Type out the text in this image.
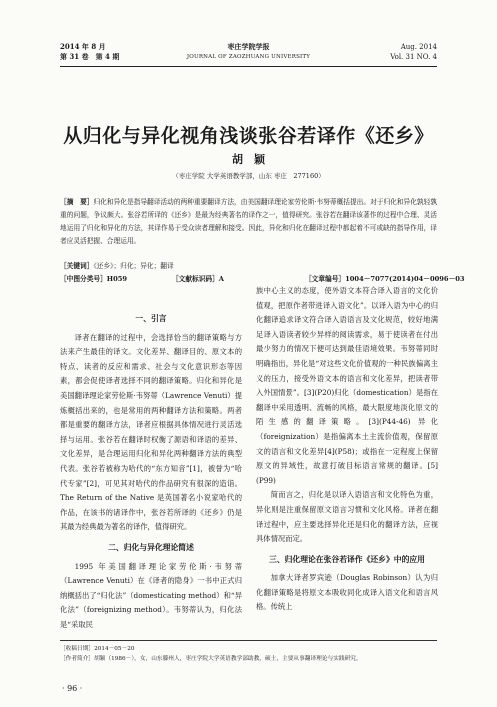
2014 年 8 月
第 31 卷　第 4 期
枣庄学院学报
JOURNAL OF ZAOZHUANG UNIVERSITY
Aug. 2014
Vol. 31 NO. 4
从归化与异化视角浅谈张谷若译作《还乡》
胡　颖
（枣庄学院 大学英语教学部，山东 枣庄　277160）
［摘　要］归化和异化是指导翻译活动的两种重要翻译方法，由美国翻译理论家劳伦斯·韦努蒂概括提出。对于归化和异化孰轻孰重的问题，争议颇大。张谷若所译的《还乡》是最为经典著名的译作之一，值得研究。张谷若在翻译该著作的过程中合理、灵活地运用了归化和异化的方法，其译作易于受众读者理解和接受。因此，异化和归化在翻译过程中都起着不可或缺的指导作用，译者应灵活把握、合理运用。
［关键词］《还乡》；归化；异化；翻译
［中图分类号］H059	［文献标识码］A	［文章编号］1004－7077(2014)04－0096－03
一、引言

译者在翻译的过程中，会选择恰当的翻译策略与方法来产生最佳的译文。文化差异、翻译目的、原文本的特点、读者的反应和需求、社会与文化意识形态等因素，都会促使译者选择不同的翻译策略。归化和异化是美国翻译理论家劳伦斯·韦努蒂（Lawrence Venuti）提炼概括出来的，也是常用的两种翻译方法和策略。两者都是重要的翻译方法，译者应根据具体情况进行灵活选择与运用。张谷若在翻译时权衡了源语和译语的差异、文化差异，是合理运用归化和异化两种翻译方法的典型代表。张谷若被称为哈代的“东方知音”[1]，被誉为“哈代专家”[2]，可见其对哈代的作品研究有很深的造诣。The Return of the Native 是英国著名小说家哈代的作品，在该书的诸译作中，张谷若所译的《还乡》仍是其最为经典最为著名的译作，值得研究。

二、归化与异化理论简述

1995 年美国翻译理论家劳伦斯·韦努蒂（Lawrence Venuti）在《译者的隐身》一书中正式归纳概括出了“归化法”（domesticating method）和“异化法”（foreignizing method）。韦努蒂认为，归化法是“采取民

族中心主义的态度，使外语文本符合译入语言的文化价值观，把原作者带进译入语文化”。以译入语为中心的归化翻译追求译文符合译入语语言及文化规范，较好地满足译入语读者较少异样的阅读需求，易于使读者在付出最少努力的情况下便可达到最佳语境效果。韦努蒂同时明确指出，异化是“对这些文化价值观的一种民族偏离主义的压力，接受外语文本的语言和文化差异，把读者带入外国情景”。[3](P20)归化（domestication）是指在翻译中采用透明、流畅的风格，最大限度地淡化原文的陌生感的翻译策略。[3](P44-46) 异化（foreignization）是指偏离本土主流价值观，保留原文的语言和文化差异[4](P58)；或指在一定程度上保留原文的异域性，故意打破目标语言常规的翻译。[5](P99)

简而言之，归化是以译入语语言和文化特色为重，异化则是注重保留原文语言习惯和文化风格。译者在翻译过程中，应主要选择异化还是归化的翻译方法，应视具体情况而定。

三、归化理论在张谷若译作《还乡》中的应用

加拿大译者罗宾逊（Douglas Robinson）认为归化翻译策略是将原文本吸收同化成译入语文化和语言风格。传统上

［收稿日期］2014－05－20
［作者简介］胡颖（1986－），女，山东滕州人，枣庄学院大学英语教学部助教，硕士，主要从事翻译理论与实践研究。
· 96 ·
